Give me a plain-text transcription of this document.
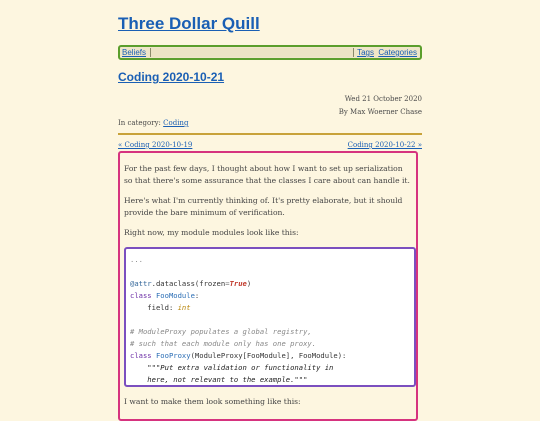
Three Dollar Quill
Beliefs	Tags Categories
Coding 2020-10-21
Wed 21 October 2020
By Max Woerner Chase
In category: Coding
« Coding 2020-10-19	Coding 2020-10-22 »
For the past few days, I thought about how I want to set up serialization so that there's some assurance that the classes I care about can handle it.
Here's what I'm currently thinking of. It's pretty elaborate, but it should provide the bare minimum of verification.
Right now, my module modules look like this:
...

@attr.dataclass(frozen=True)
class FooModule:
field: int

# ModuleProxy populates a global registry,
# such that each module only has one proxy.
class FooProxy(ModuleProxy[FooModule], FooModule):
"""Put extra validation or functionality in
here, not relevant to the example."""
I want to make them look something like this:
